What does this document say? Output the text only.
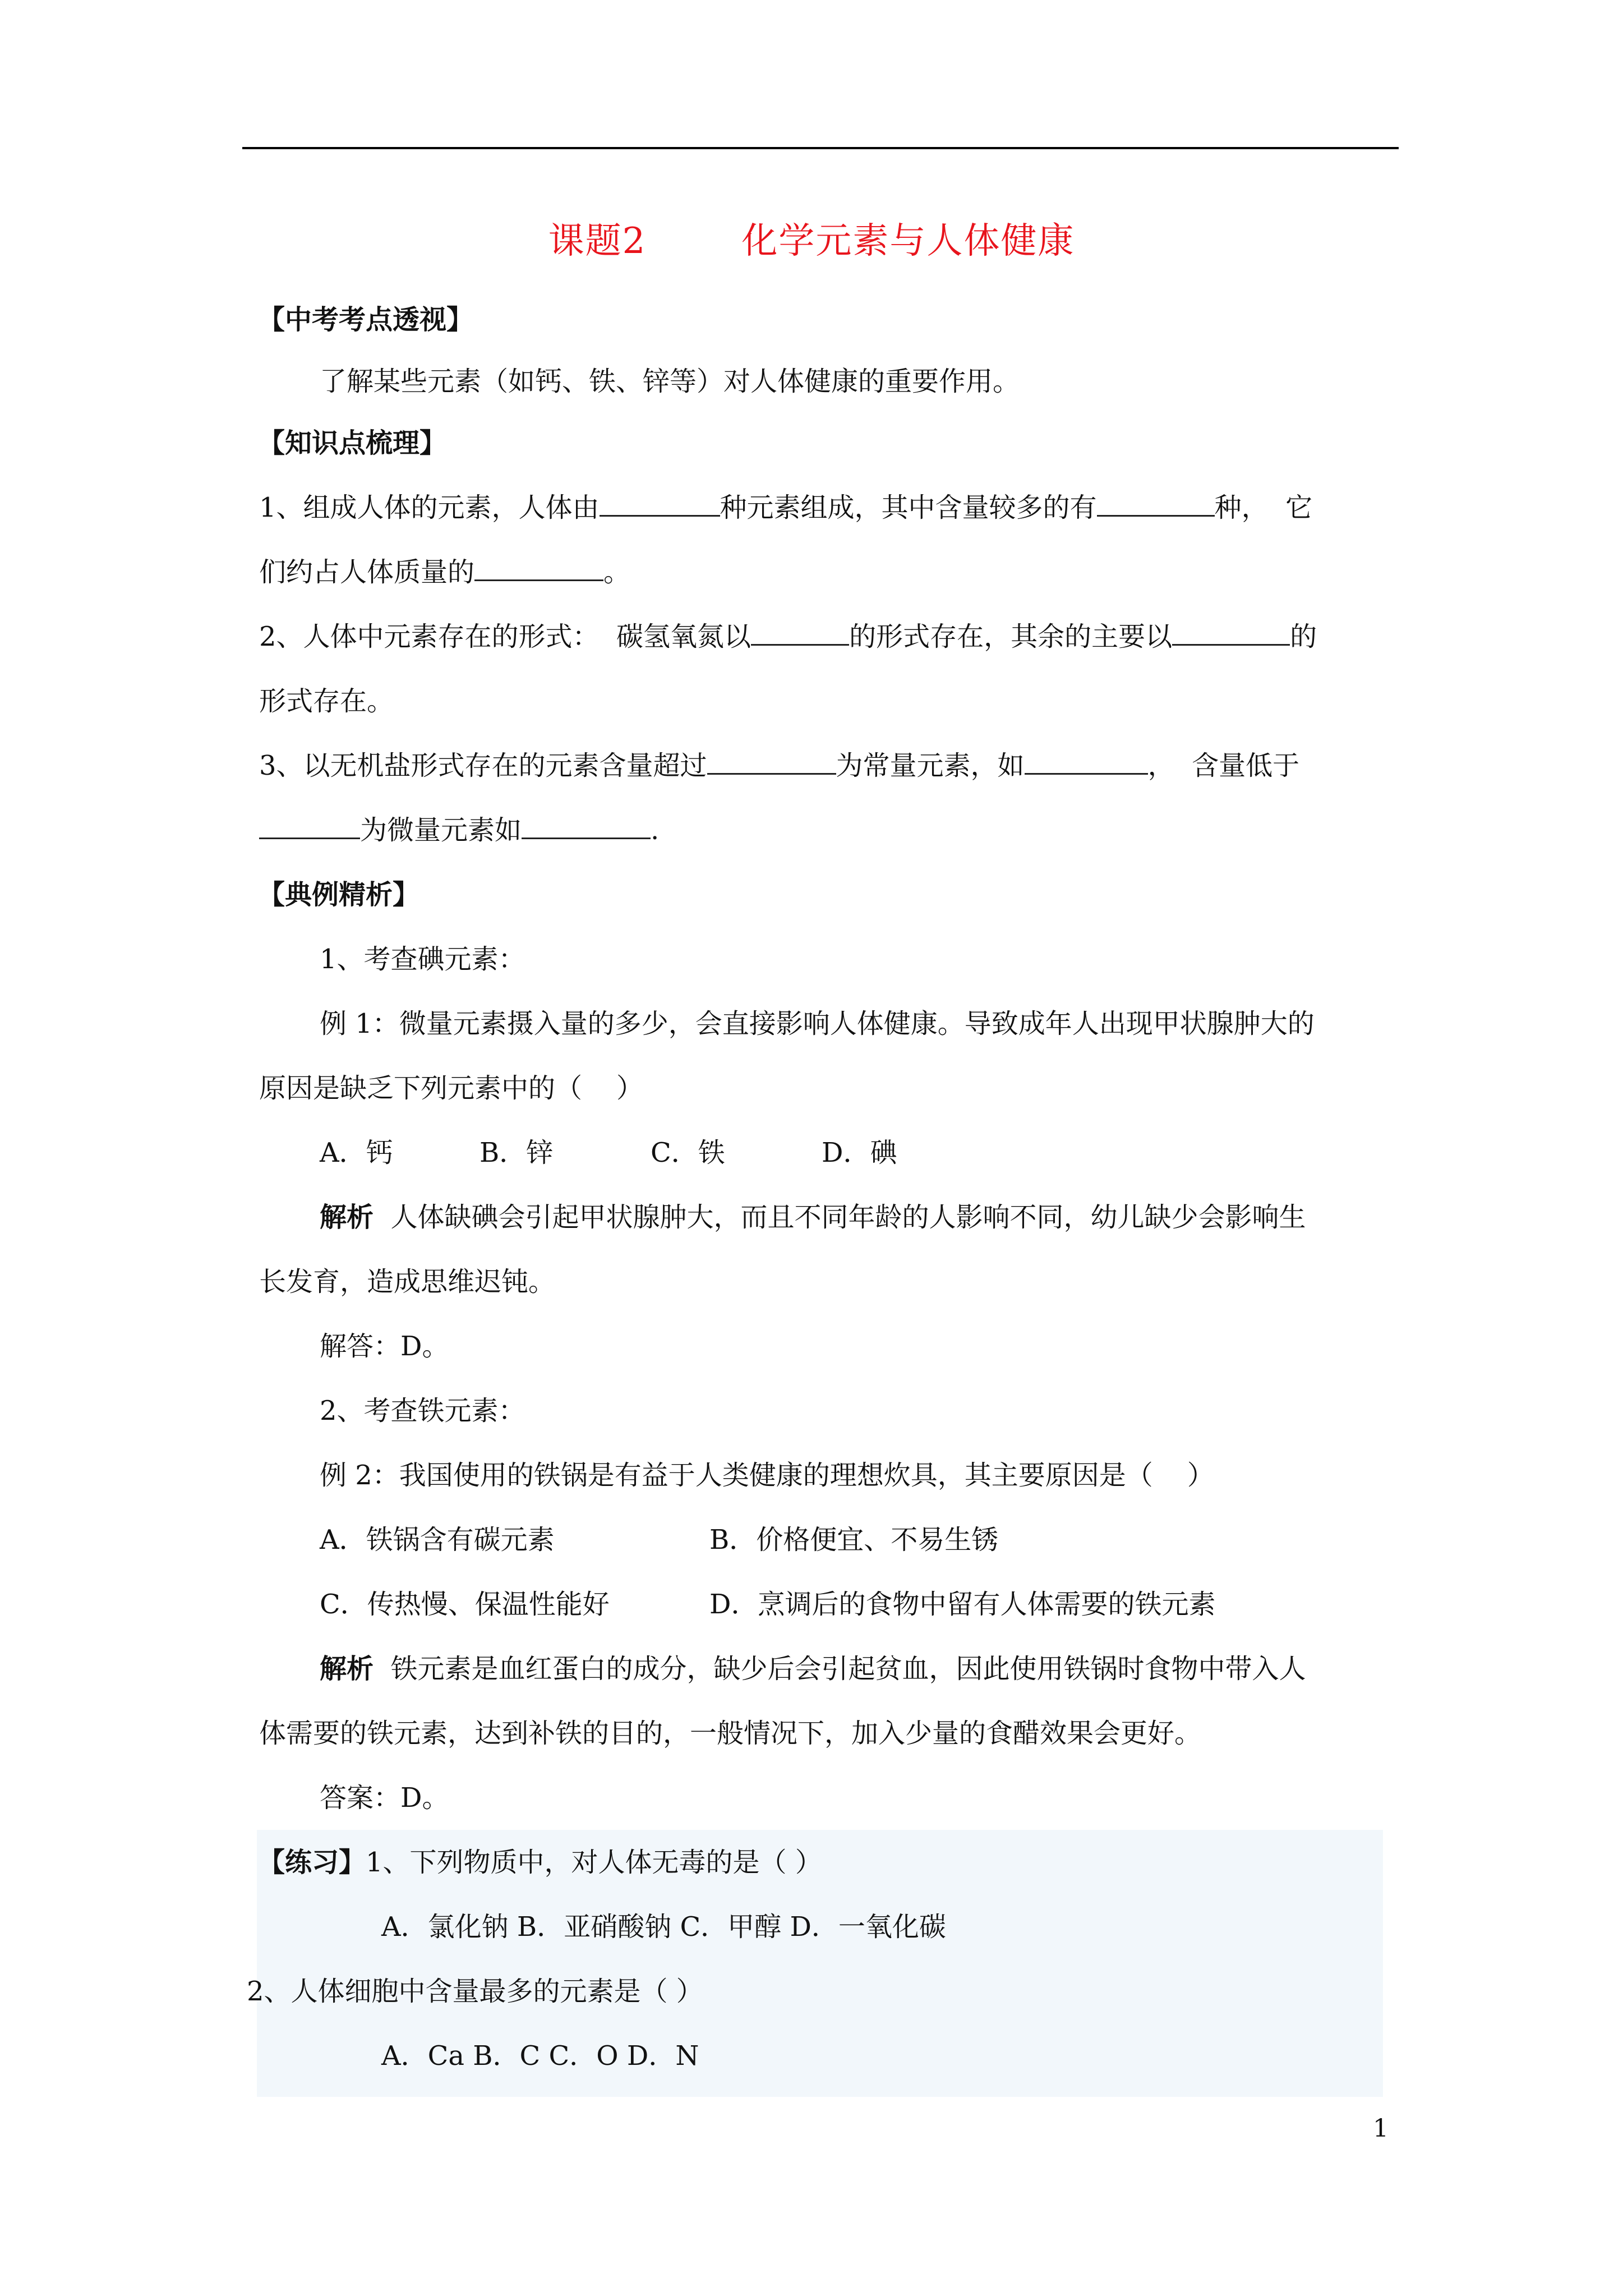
课题2	化学元素与人体健康
【中考考点透视】
了解某些元素（如钙、铁、锌等）对人体健康的重要作用。
【知识点梳理】
1、组成人体的元素，人体由	种元素组成，其中含量较多的有	种，  它
们约占人体质量的	。
2、人体中元素存在的形式：  碳氢氧氮以	的形式存在，其余的主要以	的
形式存在。
3、以无机盐形式存在的元素含量超过	为常量元素，如	，  含量低于
为微量元素如	.
【典例精析】
1、考查碘元素：
例 1：微量元素摄入量的多少，会直接影响人体健康。导致成年人出现甲状腺肿大的
原因是缺乏下列元素中的（    ）
A．钙	B．锌	C．铁	D．碘
解析 人体缺碘会引起甲状腺肿大，而且不同年龄的人影响不同，幼儿缺少会影响生
长发育，造成思维迟钝。
解答：D。
2、考查铁元素：
例 2：我国使用的铁锅是有益于人类健康的理想炊具，其主要原因是（    ）
A．铁锅含有碳元素	B．价格便宜、不易生锈
C．传热慢、保温性能好	D．烹调后的食物中留有人体需要的铁元素
解析 铁元素是血红蛋白的成分，缺少后会引起贫血，因此使用铁锅时食物中带入人
体需要的铁元素，达到补铁的目的，一般情况下，加入少量的食醋效果会更好。
答案：D。
【练习】1、下列物质中，对人体无毒的是（ ）
A．氯化钠 B．亚硝酸钠 C．甲醇 D．一氧化碳
2、人体细胞中含量最多的元素是（ ）
A．Ca B．C C．O D．N
1
